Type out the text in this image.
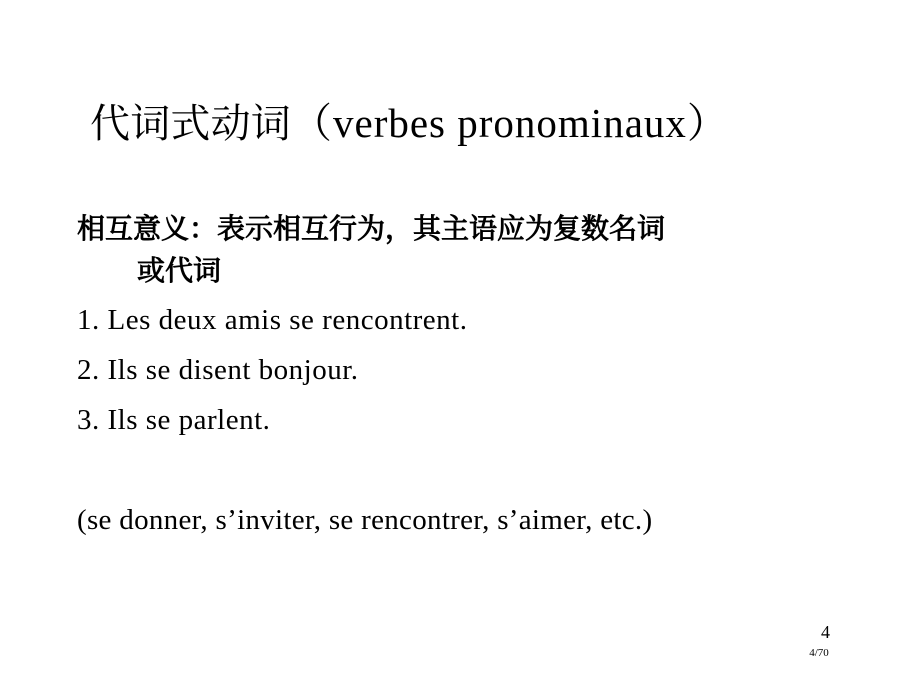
代词式动词（verbes pronominaux）
相互意义：表示相互行为，其主语应为复数名词
或代词
1. Les deux amis se rencontrent.
2. Ils se disent bonjour.
3. Ils se parlent.
(se donner, s’inviter, se rencontrer, s’aimer, etc.)
4
4/70
